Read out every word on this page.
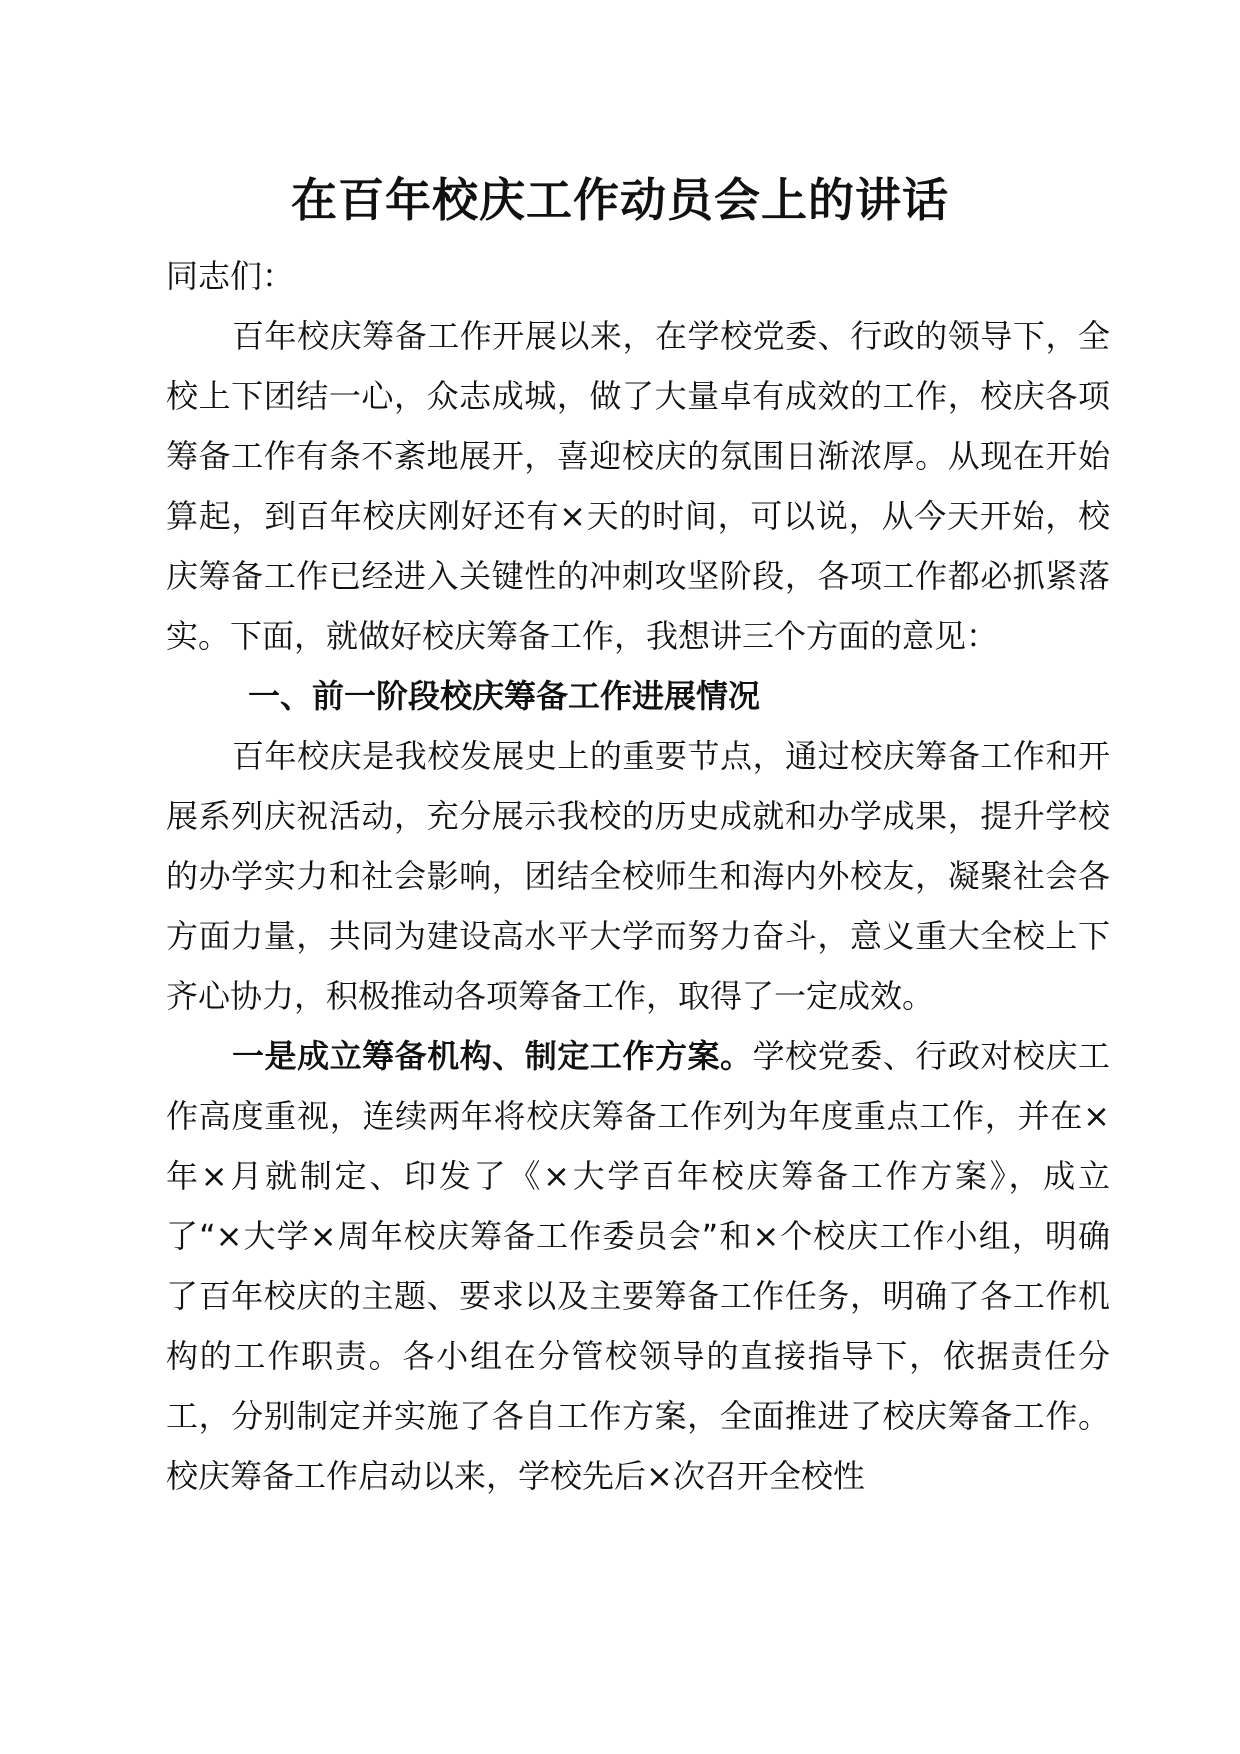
在百年校庆工作动员会上的讲话

同志们：

百年校庆筹备工作开展以来，在学校党委、行政的领导下，全校上下团结一心，众志成城，做了大量卓有成效的工作，校庆各项筹备工作有条不紊地展开，喜迎校庆的氛围日渐浓厚。从现在开始算起，到百年校庆刚好还有×天的时间，可以说，从今天开始，校庆筹备工作已经进入关键性的冲刺攻坚阶段，各项工作都必抓紧落实。下面，就做好校庆筹备工作，我想讲三个方面的意见：

一、前一阶段校庆筹备工作进展情况

百年校庆是我校发展史上的重要节点，通过校庆筹备工作和开展系列庆祝活动，充分展示我校的历史成就和办学成果，提升学校的办学实力和社会影响，团结全校师生和海内外校友，凝聚社会各方面力量，共同为建设高水平大学而努力奋斗，意义重大全校上下齐心协力，积极推动各项筹备工作，取得了一定成效。

一是成立筹备机构、制定工作方案。学校党委、行政对校庆工作高度重视，连续两年将校庆筹备工作列为年度重点工作，并在×年×月就制定、印发了《×大学百年校庆筹备工作方案》，成立了“×大学×周年校庆筹备工作委员会”和×个校庆工作小组，明确了百年校庆的主题、要求以及主要筹备工作任务，明确了各工作机构的工作职责。各小组在分管校领导的直接指导下，依据责任分工，分别制定并实施了各自工作方案，全面推进了校庆筹备工作。校庆筹备工作启动以来，学校先后×次召开全校性
